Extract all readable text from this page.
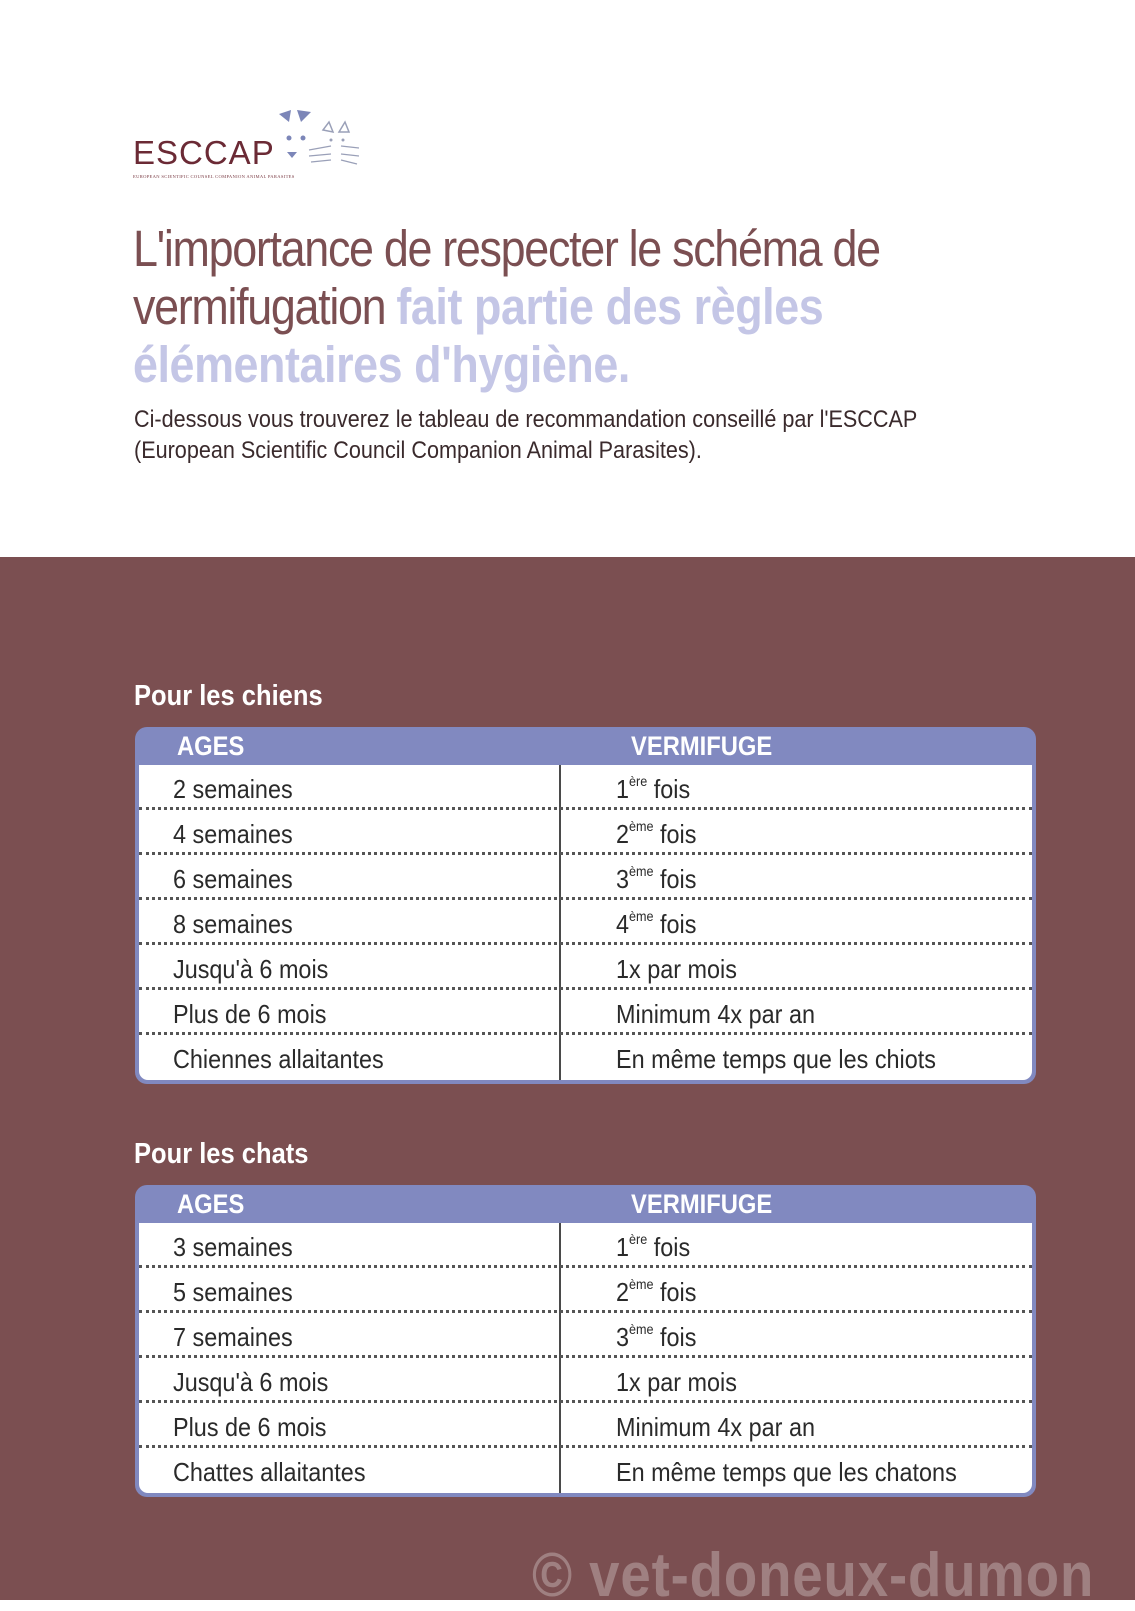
ESCCAP
EUROPEAN SCIENTIFIC COUNSEL COMPANION ANIMAL PARASITES
L'importance de respecter le schéma de vermifugation fait partie des règles élémentaires d'hygiène.
Ci-dessous vous trouverez le tableau de recommandation conseillé par l'ESCCAP (European Scientific Council Companion Animal Parasites).
Pour les chiens
AGES	VERMIFUGE
2 semaines	1ère fois
4 semaines	2ème fois
6 semaines	3ème fois
8 semaines	4ème fois
Jusqu'à 6 mois	1x par mois
Plus de 6 mois	Minimum 4x par an
Chiennes allaitantes	En même temps que les chiots
Pour les chats
AGES	VERMIFUGE
3 semaines	1ère fois
5 semaines	2ème fois
7 semaines	3ème fois
Jusqu'à 6 mois	1x par mois
Plus de 6 mois	Minimum 4x par an
Chattes allaitantes	En même temps que les chatons
© vet-doneux-dumon
